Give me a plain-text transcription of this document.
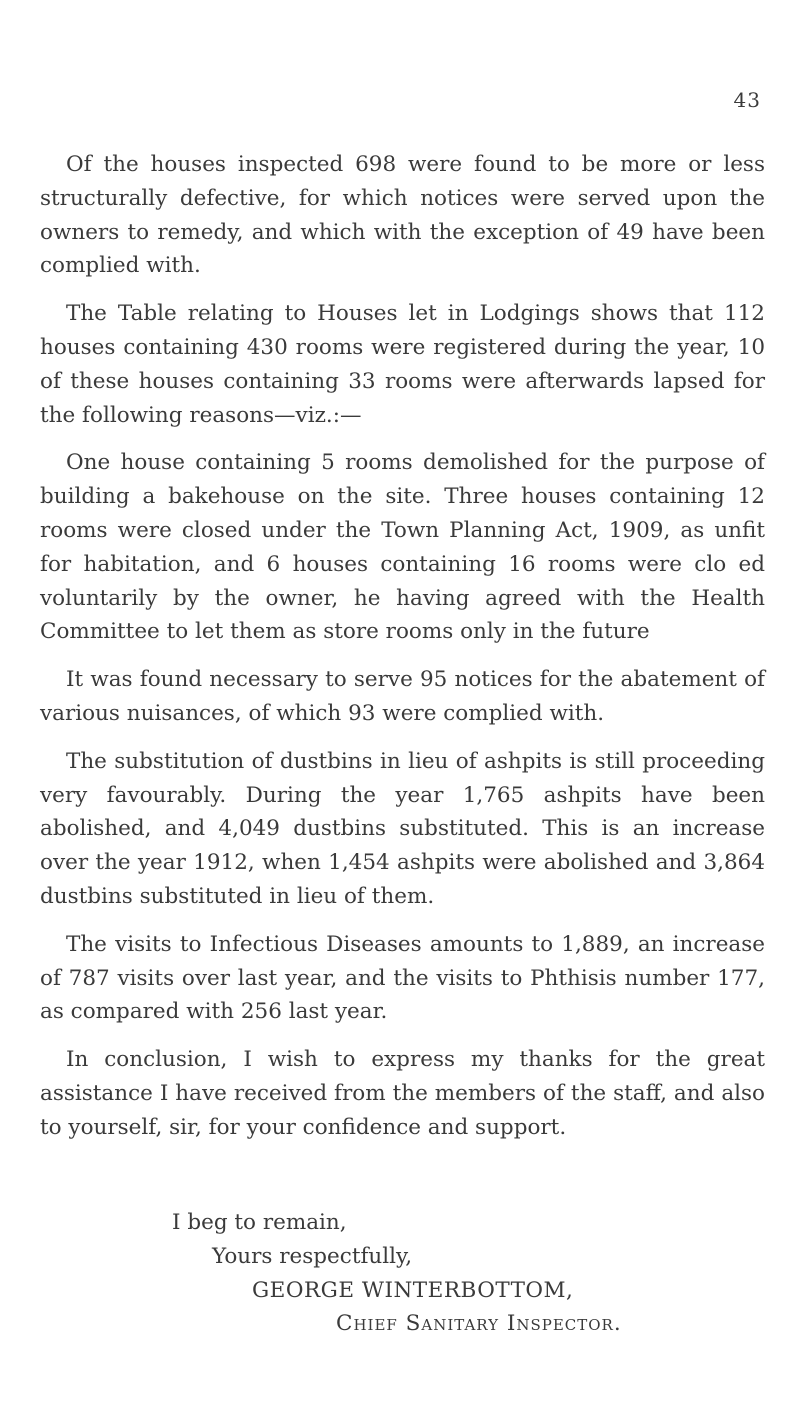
43

Of the houses inspected 698 were found to be more or less structurally defective, for which notices were served upon the owners to remedy, and which with the exception of 49 have been complied with.

The Table relating to Houses let in Lodgings shows that 112 houses containing 430 rooms were registered during the year, 10 of these houses containing 33 rooms were afterwards lapsed for the following reasons—viz.:—

One house containing 5 rooms demolished for the purpose of building a bakehouse on the site. Three houses containing 12 rooms were closed under the Town Planning Act, 1909, as unfit for habitation, and 6 houses containing 16 rooms were clo ed voluntarily by the owner, he having agreed with the Health Committee to let them as store rooms only in the future

It was found necessary to serve 95 notices for the abatement of various nuisances, of which 93 were complied with.

The substitution of dustbins in lieu of ashpits is still proceeding very favourably. During the year 1,765 ashpits have been abolished, and 4,049 dustbins substituted. This is an increase over the year 1912, when 1,454 ashpits were abolished and 3,864 dustbins substituted in lieu of them.

The visits to Infectious Diseases amounts to 1,889, an increase of 787 visits over last year, and the visits to Phthisis number 177, as compared with 256 last year.

In conclusion, I wish to express my thanks for the great assistance I have received from the members of the staff, and also to yourself, sir, for your confidence and support.

I beg to remain,
Yours respectfully,
GEORGE WINTERBOTTOM,
Chief Sanitary Inspector.
